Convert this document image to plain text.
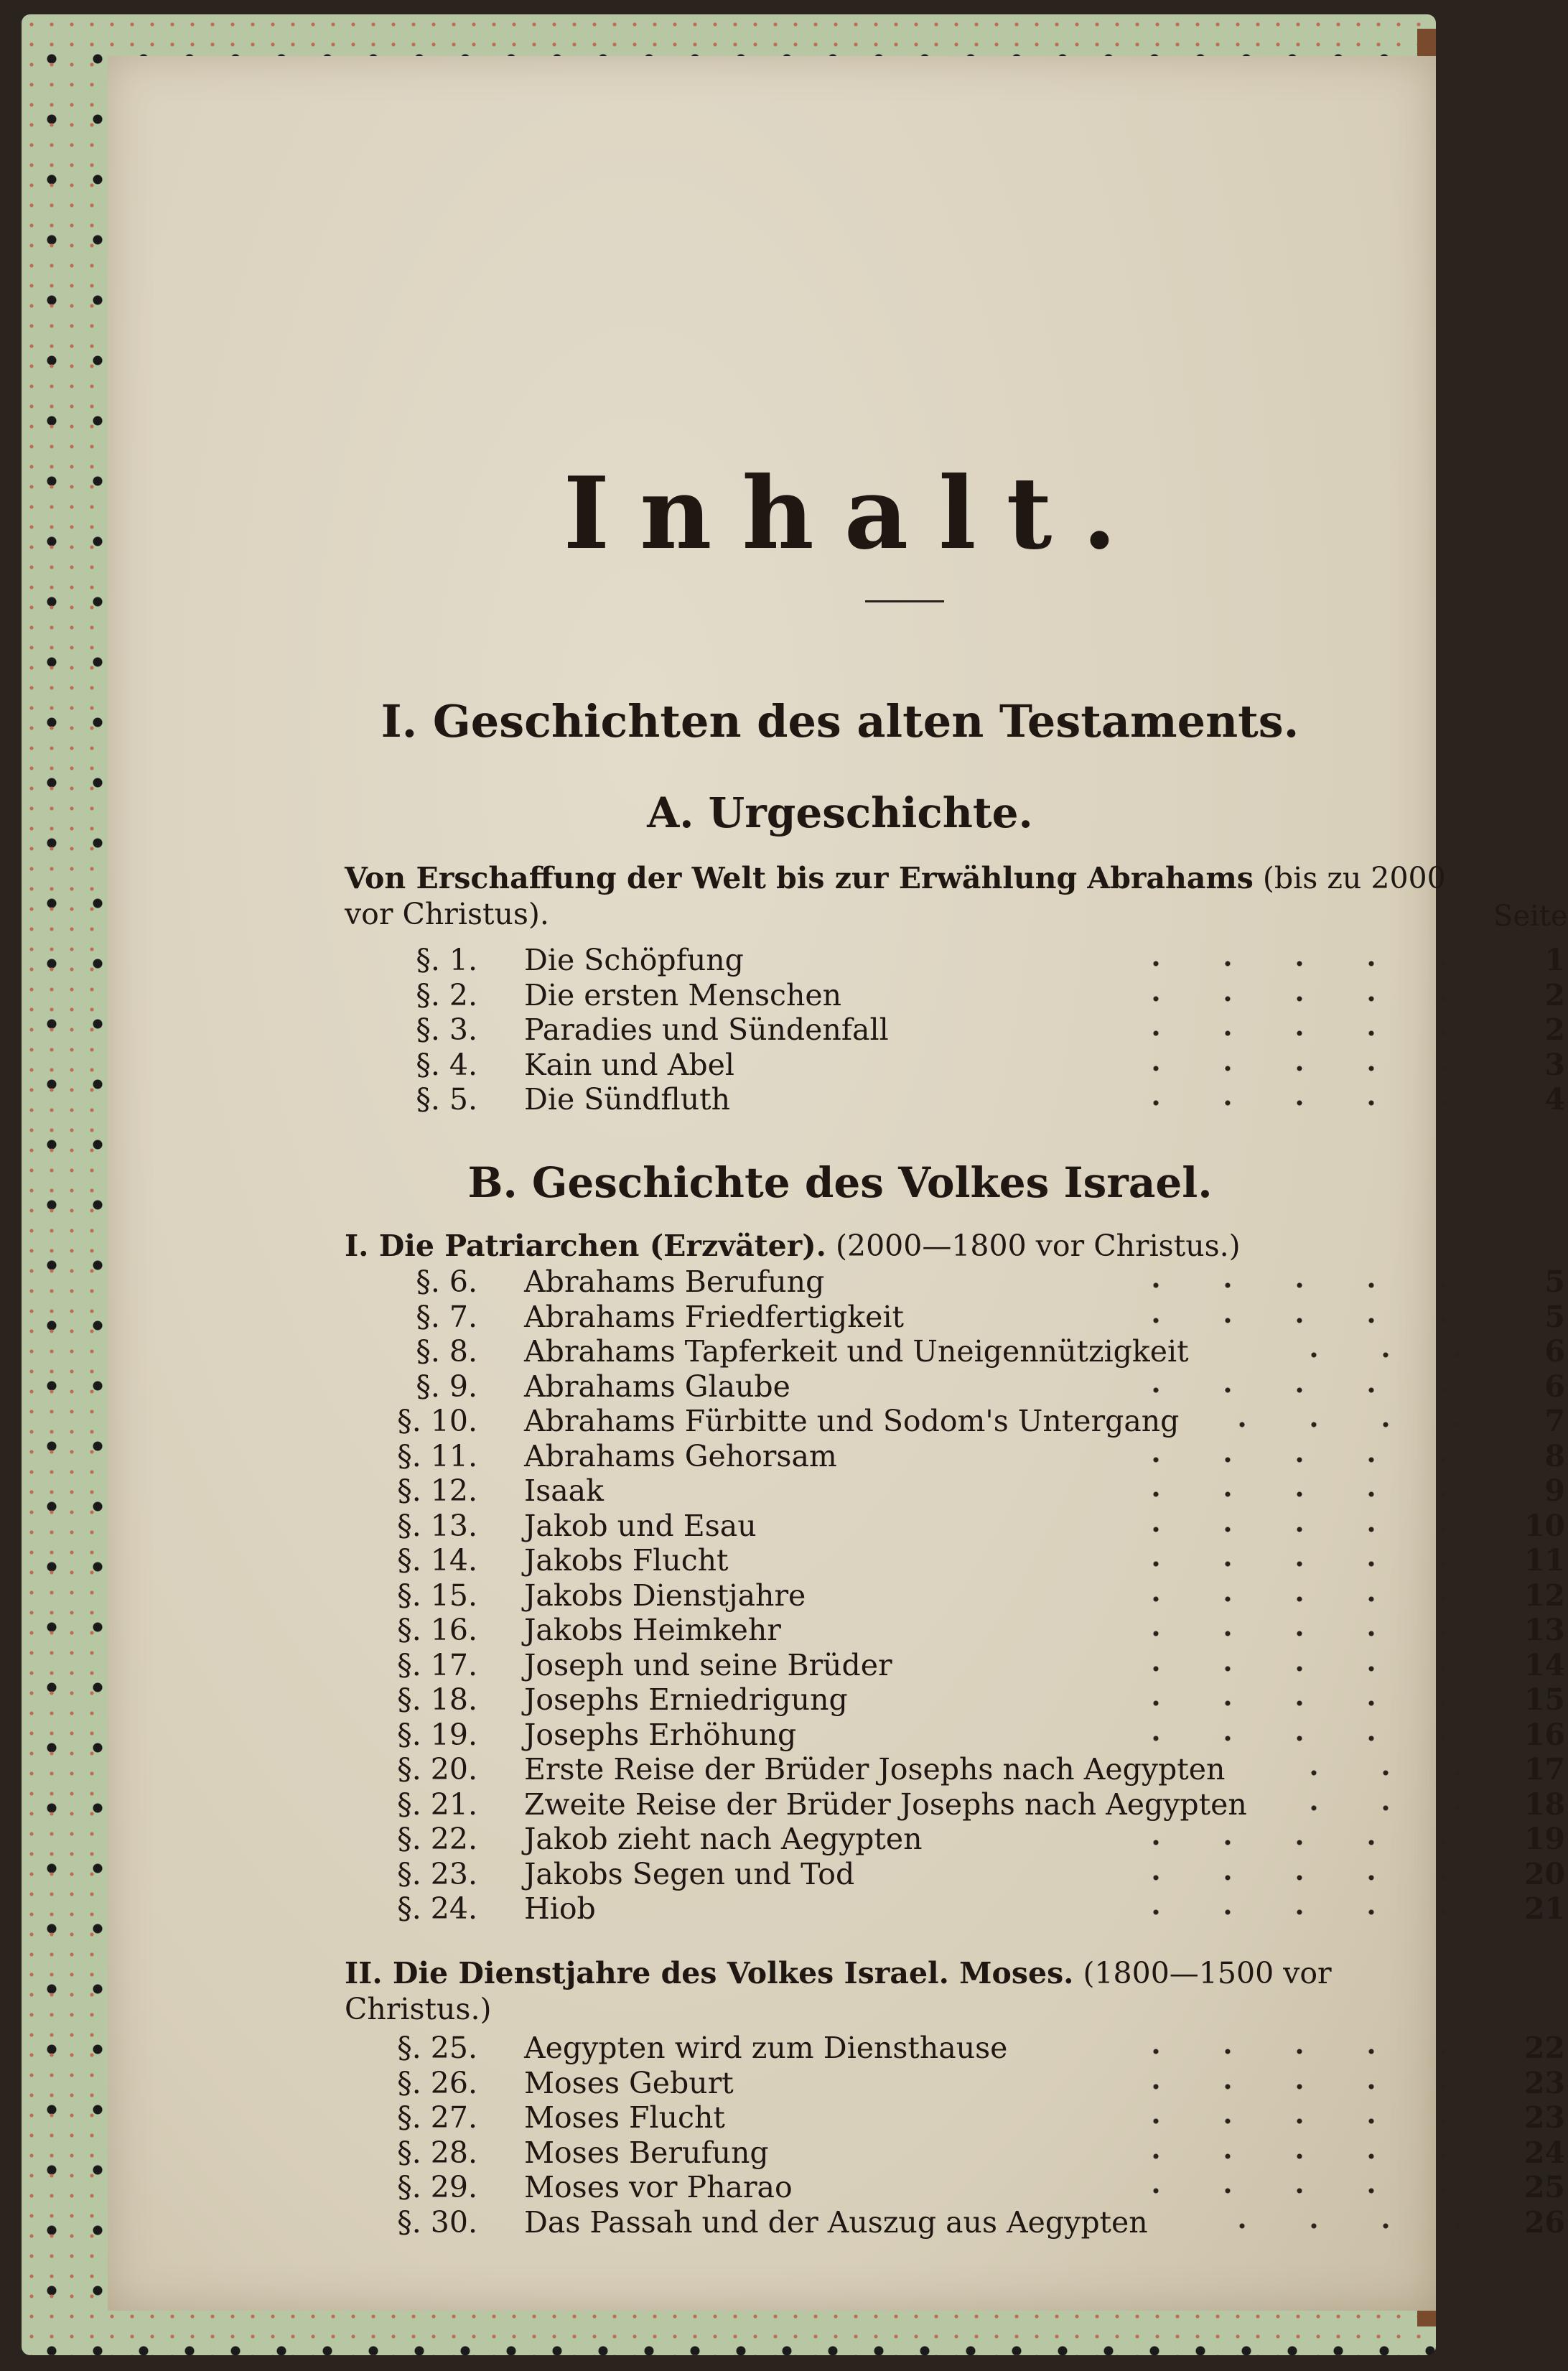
Inhalt.
I. Geschichten des alten Testaments.
A. Urgeschichte.

Von Erschaffung der Welt bis zur Erwählung Abrahams (bis zu 2000 vor Christus).	Seite
§. 1. Die Schöpfung	1
§. 2. Die ersten Menschen	2
§. 3. Paradies und Sündenfall	2
§. 4. Kain und Abel	3
§. 5. Die Sündfluth	4
B. Geschichte des Volkes Israel.

I. Die Patriarchen (Erzväter). (2000—1800 vor Christus.)

§. 6. Abrahams Berufung	5
§. 7. Abrahams Friedfertigkeit	5
§. 8. Abrahams Tapferkeit und Uneigennützigkeit	6
§. 9. Abrahams Glaube	6
§. 10. Abrahams Fürbitte und Sodom's Untergang	7
§. 11. Abrahams Gehorsam	8
§. 12. Isaak	9
§. 13. Jakob und Esau	10
§. 14. Jakobs Flucht	11
§. 15. Jakobs Dienstjahre	12
§. 16. Jakobs Heimkehr	13
§. 17. Joseph und seine Brüder	14
§. 18. Josephs Erniedrigung	15
§. 19. Josephs Erhöhung	16
§. 20. Erste Reise der Brüder Josephs nach Aegypten	17
§. 21. Zweite Reise der Brüder Josephs nach Aegypten	18
§. 22. Jakob zieht nach Aegypten	19
§. 23. Jakobs Segen und Tod	20
§. 24. Hiob	21

II. Die Dienstjahre des Volkes Israel. Moses. (1800—1500 vor Christus.)

§. 25. Aegypten wird zum Diensthause	22
§. 26. Moses Geburt	23
§. 27. Moses Flucht	23
§. 28. Moses Berufung	24
§. 29. Moses vor Pharao	25
§. 30. Das Passah und der Auszug aus Aegypten	26
